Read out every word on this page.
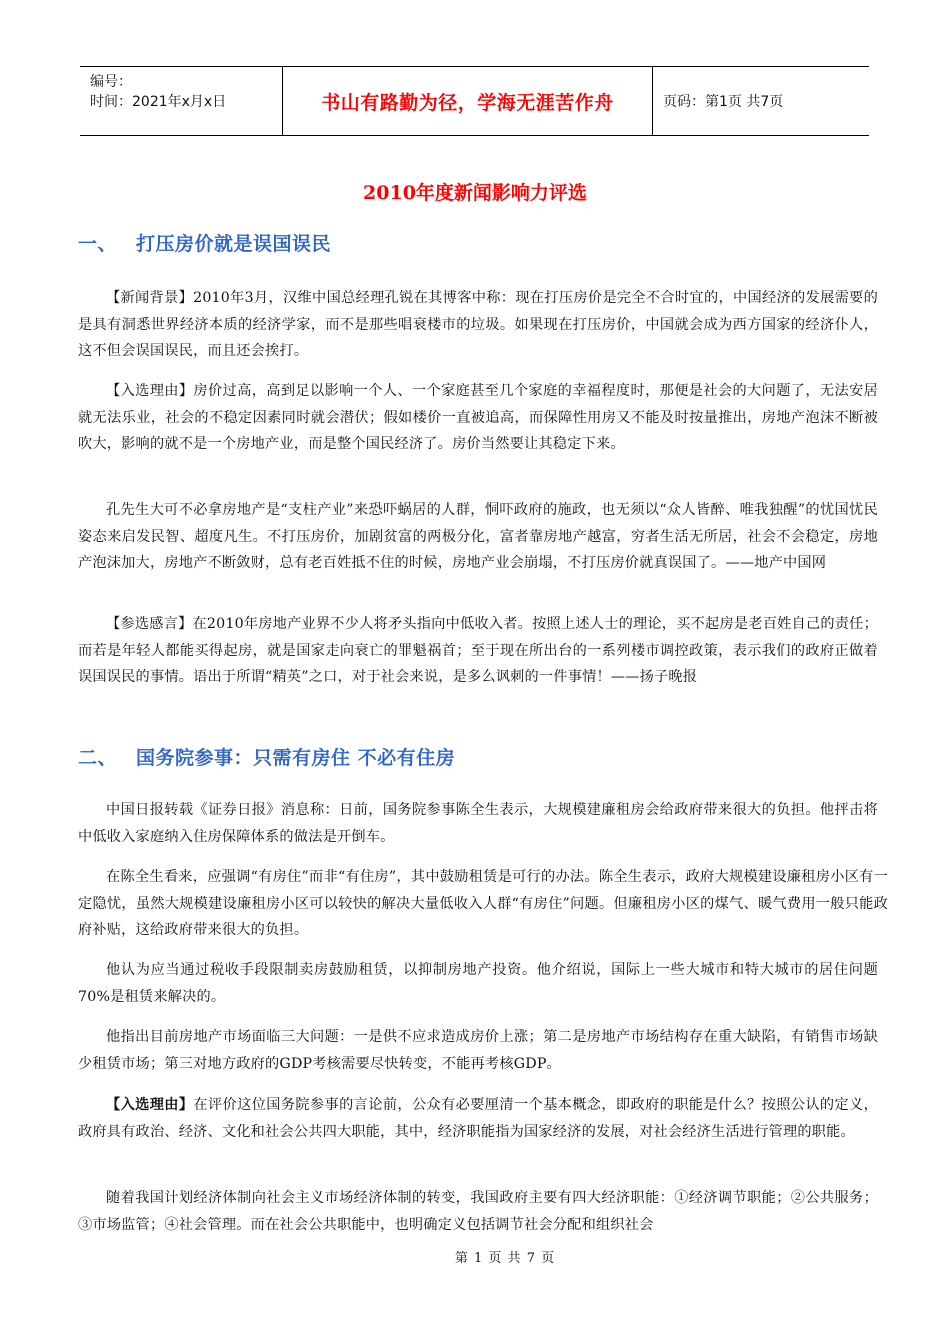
编号：
时间：2021年x月x日	书山有路勤为径，学海无涯苦作舟	页码：第1页 共7页
2010年度新闻影响力评选
一、 打压房价就是误国误民
【新闻背景】2010年3月，汉维中国总经理孔锐在其博客中称：现在打压房价是完全不合时宜的，中国经济的发展需要的是具有洞悉世界经济本质的经济学家，而不是那些唱衰楼市的垃圾。如果现在打压房价，中国就会成为西方国家的经济仆人，这不但会误国误民，而且还会挨打。
【入选理由】房价过高，高到足以影响一个人、一个家庭甚至几个家庭的幸福程度时，那便是社会的大问题了，无法安居就无法乐业，社会的不稳定因素同时就会潜伏；假如楼价一直被追高，而保障性用房又不能及时按量推出，房地产泡沫不断被吹大，影响的就不是一个房地产业，而是整个国民经济了。房价当然要让其稳定下来。
孔先生大可不必拿房地产是“支柱产业”来恐吓蜗居的人群，恫吓政府的施政，也无须以“众人皆醉、唯我独醒”的忧国忧民姿态来启发民智、超度凡生。不打压房价，加剧贫富的两极分化，富者靠房地产越富，穷者生活无所居，社会不会稳定，房地产泡沫加大，房地产不断敛财，总有老百姓抵不住的时候，房地产业会崩塌，不打压房价就真误国了。——地产中国网
【参选感言】在2010年房地产业界不少人将矛头指向中低收入者。按照上述人士的理论，买不起房是老百姓自己的责任；而若是年轻人都能买得起房，就是国家走向衰亡的罪魁祸首；至于现在所出台的一系列楼市调控政策，表示我们的政府正做着误国误民的事情。语出于所谓“精英”之口，对于社会来说，是多么讽刺的一件事情！——扬子晚报
二、 国务院参事：只需有房住 不必有住房
中国日报转载《证券日报》消息称：日前，国务院参事陈全生表示，大规模建廉租房会给政府带来很大的负担。他抨击将中低收入家庭纳入住房保障体系的做法是开倒车。
在陈全生看来，应强调“有房住”而非“有住房”，其中鼓励租赁是可行的办法。陈全生表示，政府大规模建设廉租房小区有一定隐忧，虽然大规模建设廉租房小区可以较快的解决大量低收入人群“有房住”问题。但廉租房小区的煤气、暖气费用一般只能政府补贴，这给政府带来很大的负担。
他认为应当通过税收手段限制卖房鼓励租赁，以抑制房地产投资。他介绍说，国际上一些大城市和特大城市的居住问题70%是租赁来解决的。
他指出目前房地产市场面临三大问题：一是供不应求造成房价上涨；第二是房地产市场结构存在重大缺陷，有销售市场缺少租赁市场；第三对地方政府的GDP考核需要尽快转变，不能再考核GDP。
【入选理由】在评价这位国务院参事的言论前，公众有必要厘清一个基本概念，即政府的职能是什么？按照公认的定义，政府具有政治、经济、文化和社会公共四大职能，其中，经济职能指为国家经济的发展，对社会经济生活进行管理的职能。
随着我国计划经济体制向社会主义市场经济体制的转变，我国政府主要有四大经济职能：①经济调节职能；②公共服务；③市场监管；④社会管理。而在社会公共职能中，也明确定义包括调节社会分配和组织社会
第 1 页 共 7 页
